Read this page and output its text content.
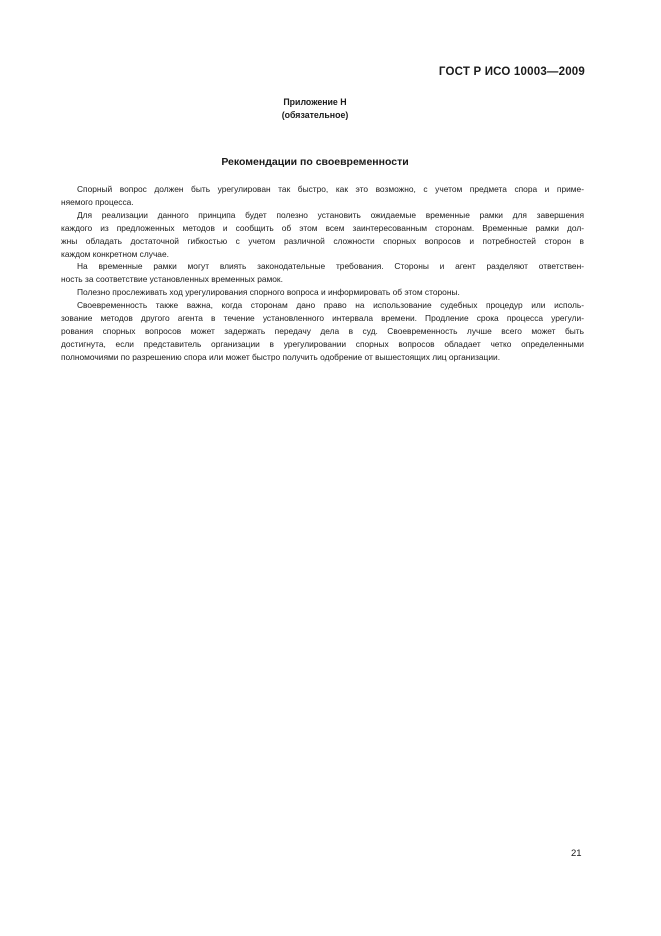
ГОСТ Р ИСО 10003—2009
Приложение Н
(обязательное)
Рекомендации по своевременности
Спорный вопрос должен быть урегулирован так быстро, как это возможно, с учетом предмета спора и приме-
няемого процесса.
Для реализации данного принципа будет полезно установить ожидаемые временные рамки для завершения
каждого из предложенных методов и сообщить об этом всем заинтересованным сторонам. Временные рамки дол-
жны обладать достаточной гибкостью с учетом различной сложности спорных вопросов и потребностей сторон в
каждом конкретном случае.
На временные рамки могут влиять законодательные требования. Стороны и агент разделяют ответствен-
ность за соответствие установленных временных рамок.
Полезно прослеживать ход урегулирования спорного вопроса и информировать об этом стороны.
Своевременность также важна, когда сторонам дано право на использование судебных процедур или исполь-
зование методов другого агента в течение установленного интервала времени. Продление срока процесса урегули-
рования спорных вопросов может задержать передачу дела в суд. Своевременность лучше всего может быть
достигнута, если представитель организации в урегулировании спорных вопросов обладает четко определенными
полномочиями по разрешению спора или может быстро получить одобрение от вышестоящих лиц организации.
21
